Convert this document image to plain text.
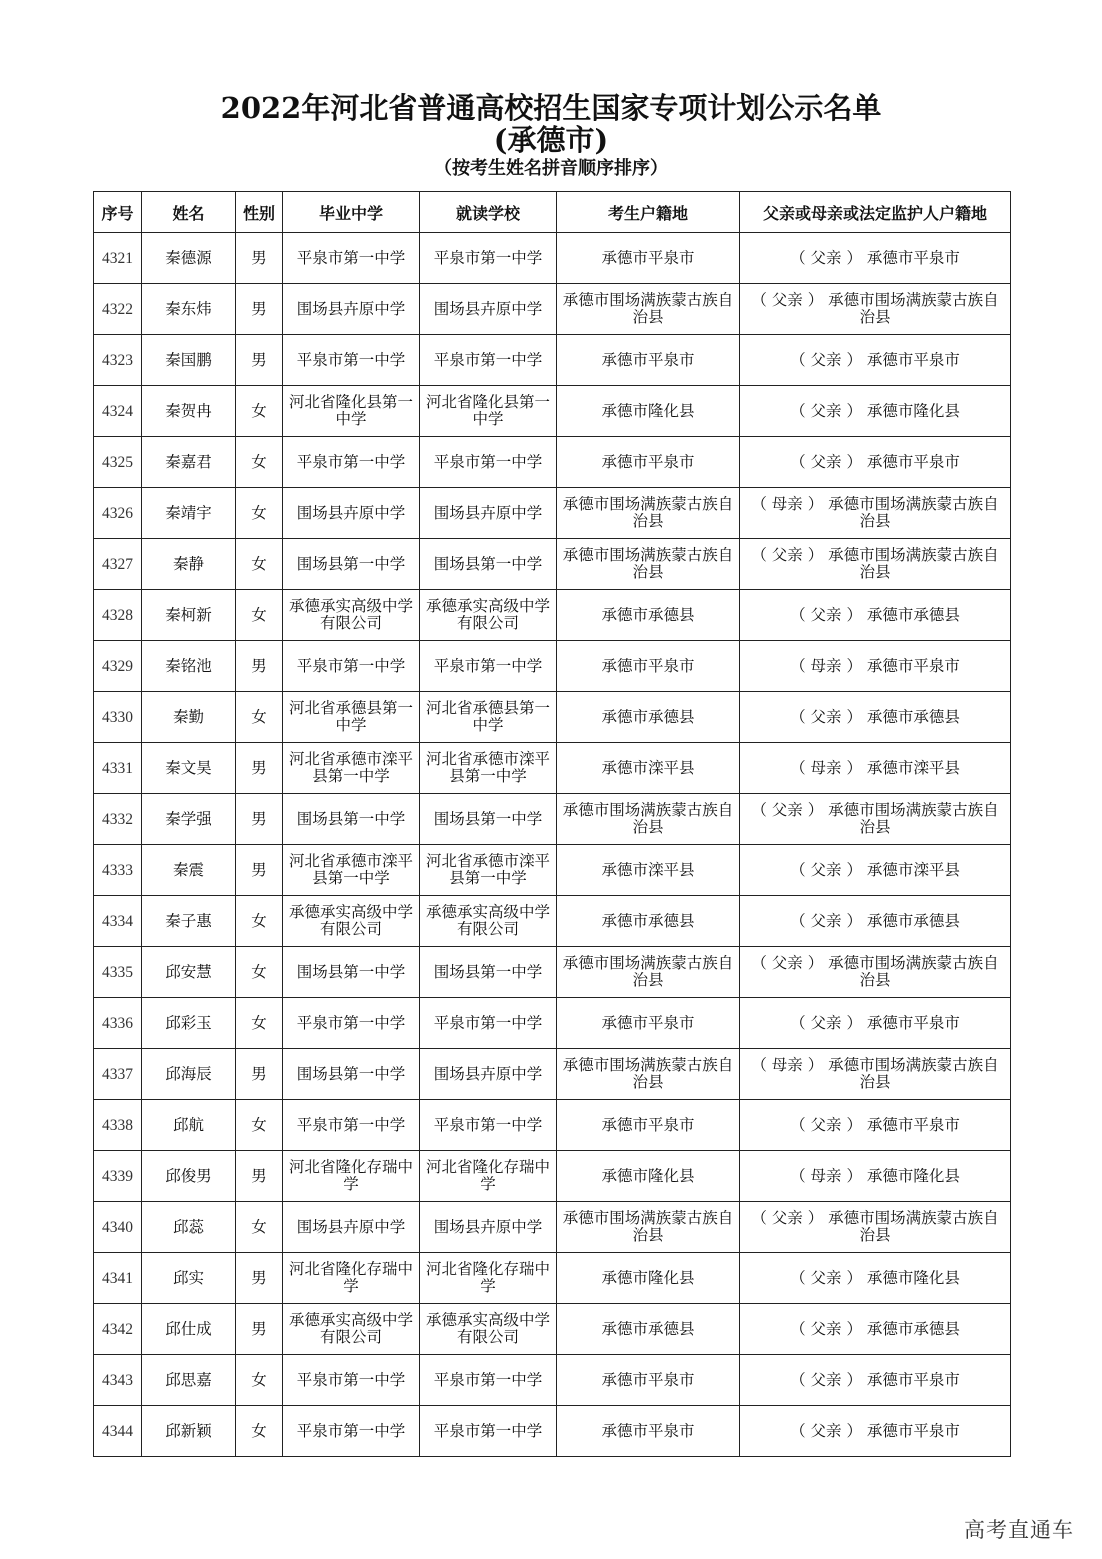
2022年河北省普通高校招生国家专项计划公示名单
(承德市)
（按考生姓名拼音顺序排序）
序号	姓名	性别	毕业中学	就读学校	考生户籍地	父亲或母亲或法定监护人户籍地
4321	秦德源	男	平泉市第一中学	平泉市第一中学	承德市平泉市	（ 父亲 ） 承德市平泉市
4322	秦东炜	男	围场县卉原中学	围场县卉原中学	承德市围场满族蒙古族自治县	（ 父亲 ） 承德市围场满族蒙古族自治县
4323	秦国鹏	男	平泉市第一中学	平泉市第一中学	承德市平泉市	（ 父亲 ） 承德市平泉市
4324	秦贺冉	女	河北省隆化县第一中学	河北省隆化县第一中学	承德市隆化县	（ 父亲 ） 承德市隆化县
4325	秦嘉君	女	平泉市第一中学	平泉市第一中学	承德市平泉市	（ 父亲 ） 承德市平泉市
4326	秦靖宇	女	围场县卉原中学	围场县卉原中学	承德市围场满族蒙古族自治县	（ 母亲 ） 承德市围场满族蒙古族自治县
4327	秦静	女	围场县第一中学	围场县第一中学	承德市围场满族蒙古族自治县	（ 父亲 ） 承德市围场满族蒙古族自治县
4328	秦柯新	女	承德承实高级中学有限公司	承德承实高级中学有限公司	承德市承德县	（ 父亲 ） 承德市承德县
4329	秦铭池	男	平泉市第一中学	平泉市第一中学	承德市平泉市	（ 母亲 ） 承德市平泉市
4330	秦勤	女	河北省承德县第一中学	河北省承德县第一中学	承德市承德县	（ 父亲 ） 承德市承德县
4331	秦文昊	男	河北省承德市滦平县第一中学	河北省承德市滦平县第一中学	承德市滦平县	（ 母亲 ） 承德市滦平县
4332	秦学强	男	围场县第一中学	围场县第一中学	承德市围场满族蒙古族自治县	（ 父亲 ） 承德市围场满族蒙古族自治县
4333	秦震	男	河北省承德市滦平县第一中学	河北省承德市滦平县第一中学	承德市滦平县	（ 父亲 ） 承德市滦平县
4334	秦子惠	女	承德承实高级中学有限公司	承德承实高级中学有限公司	承德市承德县	（ 父亲 ） 承德市承德县
4335	邱安慧	女	围场县第一中学	围场县第一中学	承德市围场满族蒙古族自治县	（ 父亲 ） 承德市围场满族蒙古族自治县
4336	邱彩玉	女	平泉市第一中学	平泉市第一中学	承德市平泉市	（ 父亲 ） 承德市平泉市
4337	邱海辰	男	围场县第一中学	围场县卉原中学	承德市围场满族蒙古族自治县	（ 母亲 ） 承德市围场满族蒙古族自治县
4338	邱航	女	平泉市第一中学	平泉市第一中学	承德市平泉市	（ 父亲 ） 承德市平泉市
4339	邱俊男	男	河北省隆化存瑞中学	河北省隆化存瑞中学	承德市隆化县	（ 母亲 ） 承德市隆化县
4340	邱蕊	女	围场县卉原中学	围场县卉原中学	承德市围场满族蒙古族自治县	（ 父亲 ） 承德市围场满族蒙古族自治县
4341	邱实	男	河北省隆化存瑞中学	河北省隆化存瑞中学	承德市隆化县	（ 父亲 ） 承德市隆化县
4342	邱仕成	男	承德承实高级中学有限公司	承德承实高级中学有限公司	承德市承德县	（ 父亲 ） 承德市承德县
4343	邱思嘉	女	平泉市第一中学	平泉市第一中学	承德市平泉市	（ 父亲 ） 承德市平泉市
4344	邱新颖	女	平泉市第一中学	平泉市第一中学	承德市平泉市	（ 父亲 ） 承德市平泉市
高考直通车
